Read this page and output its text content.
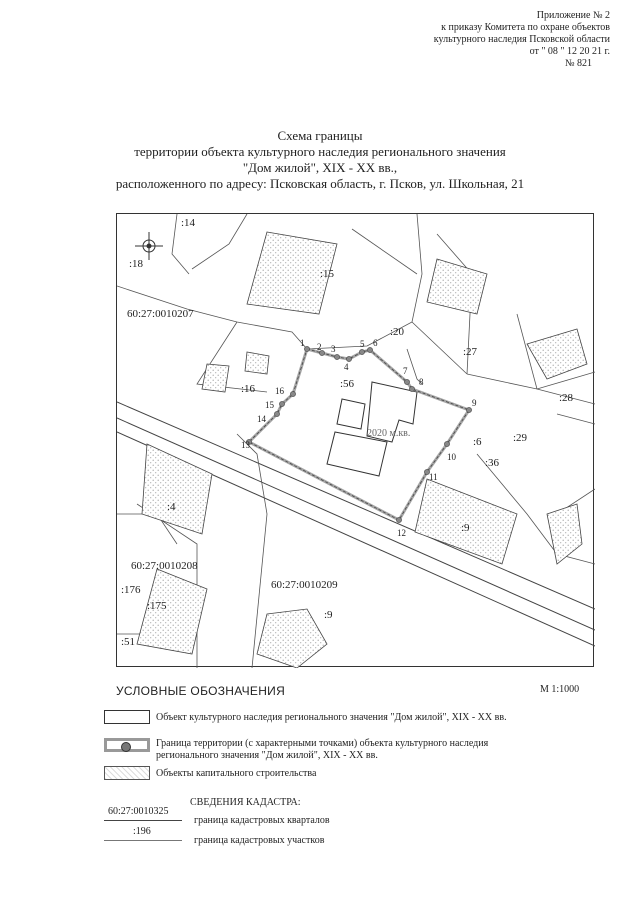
Приложение № 2
к приказу Комитета по охране объектов
культурного наследия Псковской области
от " 08 " 12 20 21 г.
№ 821
Схема границы
территории объекта культурного наследия регионального значения
"Дом жилой", XIX - XX вв.,
расположенного по адресу: Псковская область, г. Псков, ул. Школьная, 21
60:27:0010207
60:27:0010208
60:27:0010209
:14
:18
:15
:20
:27
:16	:56
:28
:6	:29
:36
:4
:9
:176
:175
:51
:9
2020 м.кв.
1 2 3
4
5 6
7
8
9
10
11
12
13
14
15
16
УСЛОВНЫЕ ОБОЗНАЧЕНИЯ	М 1:1000
Объект культурного наследия регионального значения "Дом жилой", XIX - XX вв.
Граница территории (с характерными точками) объекта культурного наследия
регионального значения "Дом жилой", XIX - XX вв.
Объекты капитального строительства
СВЕДЕНИЯ КАДАСТРА:
60:27:0010325
граница кадастровых кварталов
:196
граница кадастровых участков
